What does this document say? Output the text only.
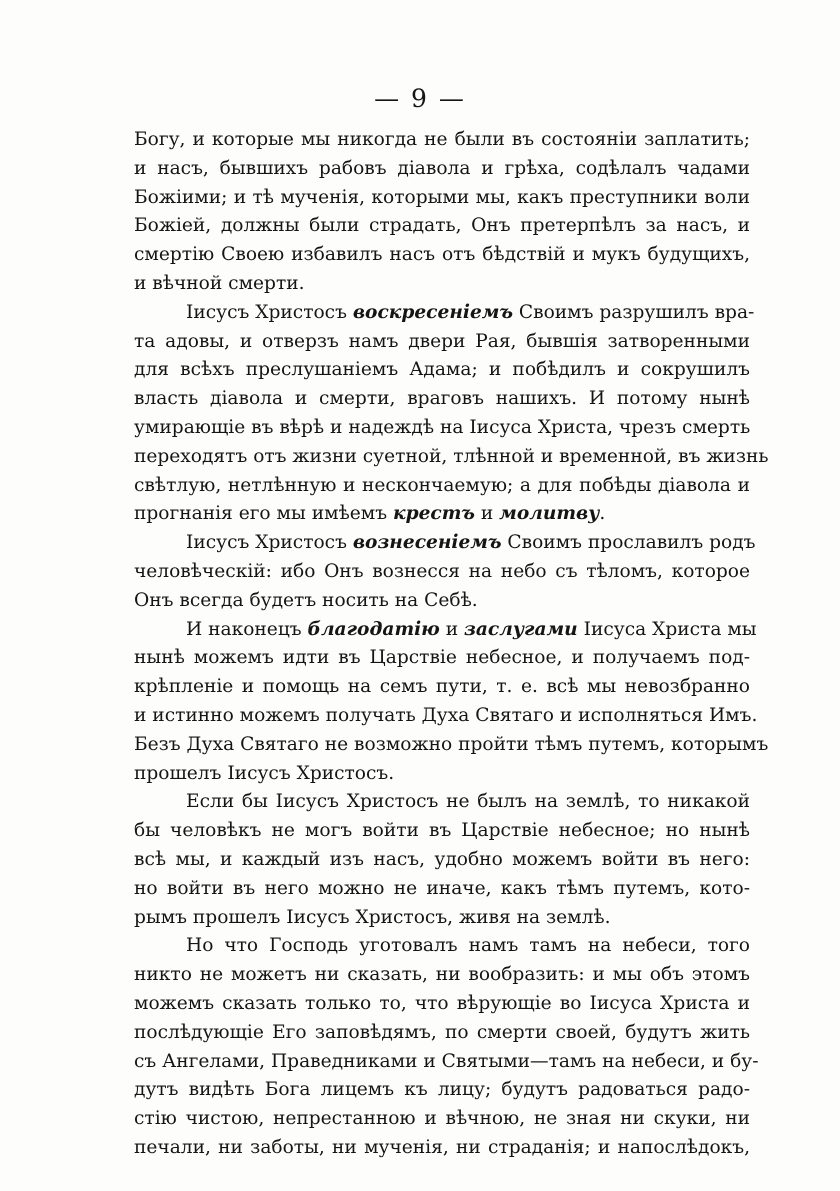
— 9 —

Богу, и которые мы никогда не были въ состояніи заплатить;

и насъ, бывшихъ рабовъ діавола и грѣха, содѣлалъ чадами

Божіими; и тѣ мученія, которыми мы, какъ преступники воли

Божіей, должны были страдать, Онъ претерпѣлъ за насъ, и

смертію Своею избавилъ насъ отъ бѣдствій и мукъ будущихъ,

и вѣчной смерти.

Іисусъ Христосъ воскресеніемъ Своимъ разрушилъ вра-

та адовы, и отверзъ намъ двери Рая, бывшія затворенными

для всѣхъ преслушаніемъ Адама; и побѣдилъ и сокрушилъ

власть діавола и смерти, враговъ нашихъ. И потому нынѣ

умирающіе въ вѣрѣ и надеждѣ на Іисуса Христа, чрезъ смерть

переходятъ отъ жизни суетной, тлѣнной и временной, въ жизнь

свѣтлую, нетлѣнную и нескончаемую; а для побѣды діавола и

прогнанія его мы имѣемъ крестъ и молитву.

Іисусъ Христосъ вознесеніемъ Своимъ прославилъ родъ

человѣческій: ибо Онъ вознесся на небо съ тѣломъ, которое

Онъ всегда будетъ носить на Себѣ.

И наконецъ благодатію и заслугами Іисуса Христа мы

нынѣ можемъ идти въ Царствіе небесное, и получаемъ под-

крѣпленіе и помощь на семъ пути, т. е. всѣ мы невозбранно

и истинно можемъ получать Духа Святаго и исполняться Имъ.

Безъ Духа Святаго не возможно пройти тѣмъ путемъ, которымъ

прошелъ Іисусъ Христосъ.

Если бы Іисусъ Христосъ не былъ на землѣ, то никакой

бы человѣкъ не могъ войти въ Царствіе небесное; но нынѣ

всѣ мы, и каждый изъ насъ, удобно можемъ войти въ него:

но войти въ него можно не иначе, какъ тѣмъ путемъ, кото-

рымъ прошелъ Іисусъ Христосъ, живя на землѣ.

Но что Господь уготовалъ намъ тамъ на небеси, того

никто не можетъ ни сказать, ни вообразить: и мы объ этомъ

можемъ сказать только то, что вѣрующіе во Іисуса Христа и

послѣдующіе Его заповѣдямъ, по смерти своей, будутъ жить

съ Ангелами, Праведниками и Святыми—тамъ на небеси, и бу-

дутъ видѣть Бога лицемъ къ лицу; будутъ радоваться радо-

стію чистою, непрестанною и вѣчною, не зная ни скуки, ни

печали, ни заботы, ни мученія, ни страданія; и напослѣдокъ,
